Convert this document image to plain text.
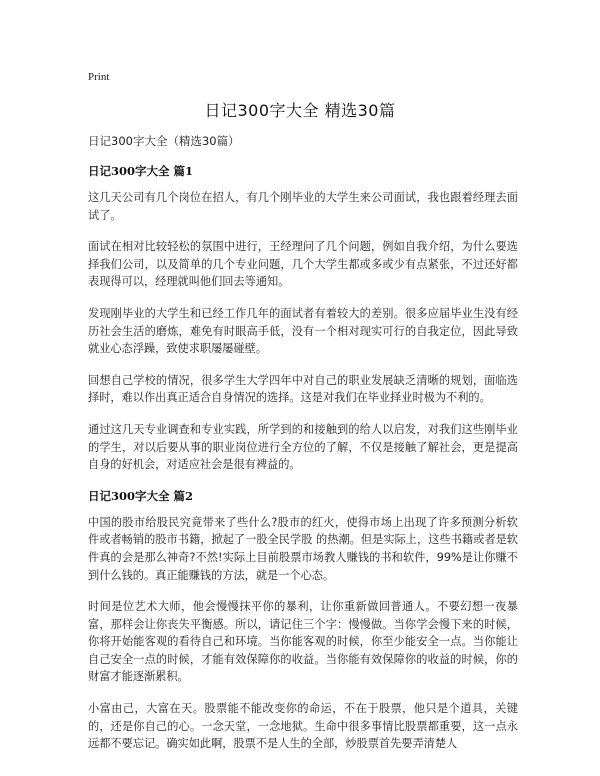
Print
日记300字大全 精选30篇

日记300字大全（精选30篇）

日记300字大全 篇1

这几天公司有几个岗位在招人，有几个刚毕业的大学生来公司面试，我也跟着经理去面试了。

面试在相对比较轻松的氛围中进行，王经理问了几个问题，例如自我介绍，为什么要选择我们公司，以及简单的几个专业问题，几个大学生都或多或少有点紧张，不过还好都表现得可以，经理就叫他们回去等通知。

发现刚毕业的大学生和已经工作几年的面试者有着较大的差别。很多应届毕业生没有经历社会生活的磨炼，难免有时眼高手低，没有一个相对现实可行的自我定位，因此导致就业心态浮躁，致使求职屡屡碰壁。

回想自己学校的情况，很多学生大学四年中对自己的职业发展缺乏清晰的规划，面临选择时，难以作出真正适合自身情况的选择。这是对我们在毕业择业时极为不利的。

通过这几天专业调查和专业实践，所学到的和接触到的给人以启发，对我们这些刚毕业的学生，对以后要从事的职业岗位进行全方位的了解，不仅是接触了解社会，更是提高自身的好机会，对适应社会是很有裨益的。

日记300字大全 篇2

中国的股市给股民究竟带来了些什么?股市的红火，使得市场上出现了许多预测分析软件或者畅销的股市书籍，掀起了一股全民学股 的热潮。但是实际上，这些书籍或者是软件真的会是那么神奇?不然!实际上目前股票市场教人赚钱的书和软件，99%是让你赚不到什么钱的。真正能赚钱的方法，就是一个心态。

时间是位艺术大师，他会慢慢抹平你的暴利，让你重新做回普通人。不要幻想一夜暴富，那样会让你丧失平衡感。所以，请记住三个字：慢慢做。当你学会慢下来的时候，你将开始能客观的看待自己和环境。当你能客观的时候，你至少能安全一点。当你能让自己安全一点的时候，才能有效保障你的收益。当你能有效保障你的收益的时候，你的财富才能逐渐累积。

小富由己，大富在天。股票能不能改变你的命运，不在于股票，他只是个道具，关键的，还是你自己的心。一念天堂，一念地狱。生命中很多事情比股票都重要，这一点永远都不要忘记。确实如此啊，股票不是人生的全部，炒股票首先要弄清楚人
